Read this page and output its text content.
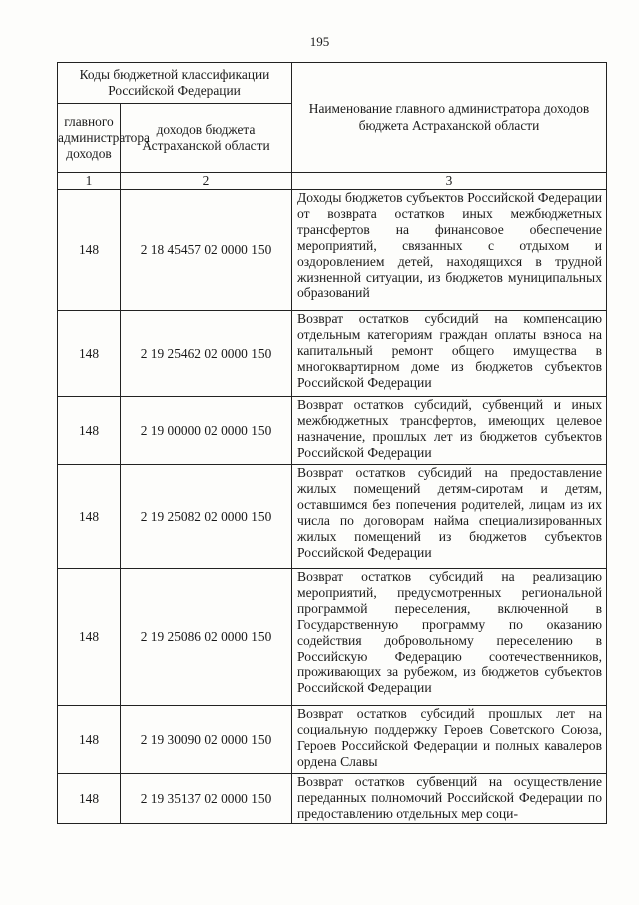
195
Коды бюджетной классификации Российской Федерации		Наименование главного администратора доходов бюджета Астраханской области
главного администратора доходов	доходов бюджета Астраханской области	
1	2	3
148	2 18 45457 02 0000 150	Доходы бюджетов субъектов Российской Федерации от возврата остатков иных межбюджетных трансфертов на финансовое обеспечение мероприятий, связанных с отдыхом и оздоровлением детей, находящихся в трудной жизненной ситуации, из бюджетов муниципальных образований

148	2 19 25462 02 0000 150	Возврат остатков субсидий на компенсацию отдельным категориям граждан оплаты взноса на капитальный ремонт общего имущества в многоквартирном доме из бюджетов субъектов Российской Федерации

148	2 19 00000 02 0000 150	Возврат остатков субсидий, субвенций и иных межбюджетных трансфертов, имеющих целевое назначение, прошлых лет из бюджетов субъектов Российской Федерации

148	2 19 25082 02 0000 150	Возврат остатков субсидий на предоставление жилых помещений детям-сиротам и детям, оставшимся без попечения родителей, лицам из их числа по договорам найма специализированных жилых помещений из бюджетов субъектов Российской Федерации

148	2 19 25086 02 0000 150	Возврат остатков субсидий на реализацию мероприятий, предусмотренных региональной программой переселения, включенной в Государственную программу по оказанию содействия добровольному переселению в Российскую Федерацию соотечественников, проживающих за рубежом, из бюджетов субъектов Российской Федерации

148	2 19 30090 02 0000 150	Возврат остатков субсидий прошлых лет на социальную поддержку Героев Советского Союза, Героев Российской Федерации и полных кавалеров ордена Славы

148	2 19 35137 02 0000 150	Возврат остатков субвенций на осуществление переданных полномочий Российской Федерации по предоставлению отдельных мер соци-
